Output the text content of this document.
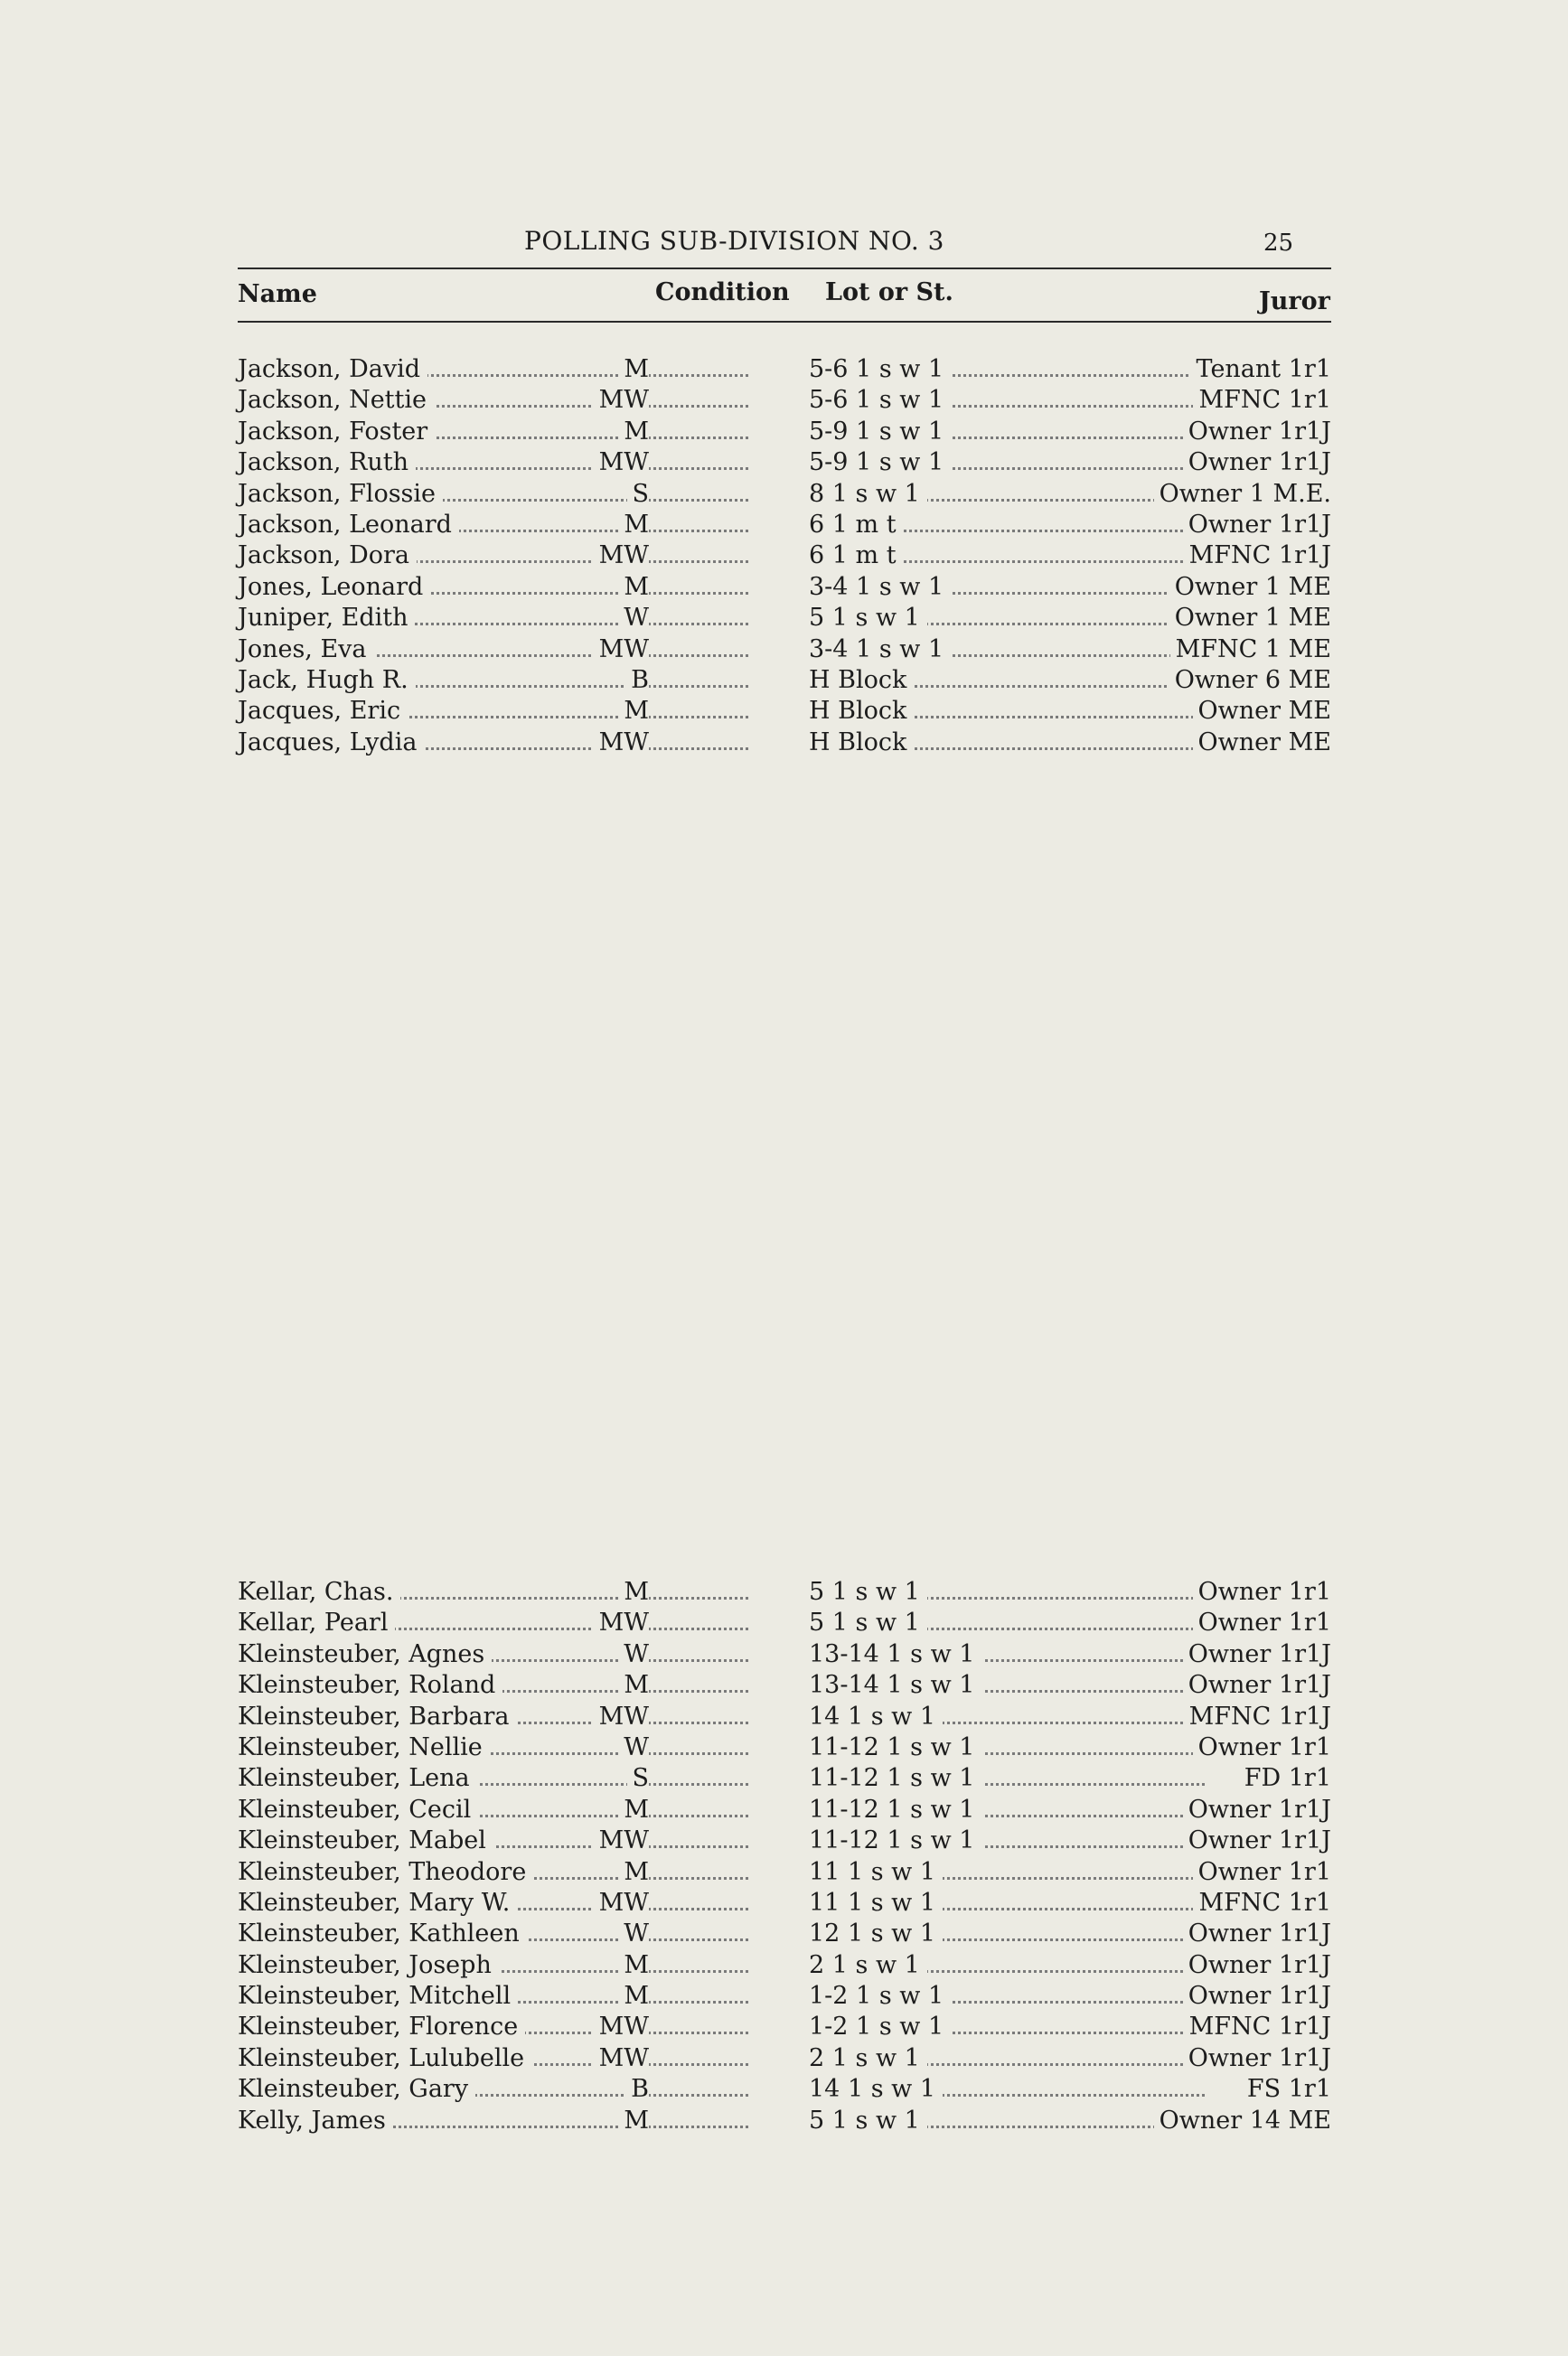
POLLING SUB-DIVISION NO. 3	25
Name	Condition Lot or St.	Juror
Jackson, David	M	5-6 1 s w 1	Tenant 1r1
Jackson, Nettie	MW	5-6 1 s w 1	MFNC 1r1
Jackson, Foster	M	5-9 1 s w 1	Owner 1r1J
Jackson, Ruth	MW	5-9 1 s w 1	Owner 1r1J
Jackson, Flossie	S	8 1 s w 1	Owner 1 M.E.
Jackson, Leonard	M	6 1 m t	Owner 1r1J
Jackson, Dora	MW	6 1 m t	MFNC 1r1J
Jones, Leonard	M	3-4 1 s w 1	Owner 1 ME
Juniper, Edith	W	5 1 s w 1	Owner 1 ME
Jones, Eva	MW	3-4 1 s w 1	MFNC 1 ME
Jack, Hugh R.	B	H Block	Owner 6 ME
Jacques, Eric	M	H Block	Owner ME
Jacques, Lydia	MW	H Block	Owner ME
Kellar, Chas.	M	5 1 s w 1	Owner 1r1
Kellar, Pearl	MW	5 1 s w 1	Owner 1r1
Kleinsteuber, Agnes	W	13-14 1 s w 1	Owner 1r1J
Kleinsteuber, Roland	M	13-14 1 s w 1	Owner 1r1J
Kleinsteuber, Barbara	MW	14 1 s w 1	MFNC 1r1J
Kleinsteuber, Nellie	W	11-12 1 s w 1	Owner 1r1
Kleinsteuber, Lena	S	11-12 1 s w 1	FD 1r1
Kleinsteuber, Cecil	M	11-12 1 s w 1	Owner 1r1J
Kleinsteuber, Mabel	MW	11-12 1 s w 1	Owner 1r1J
Kleinsteuber, Theodore	M	11 1 s w 1	Owner 1r1
Kleinsteuber, Mary W.	MW	11 1 s w 1	MFNC 1r1
Kleinsteuber, Kathleen	W	12 1 s w 1	Owner 1r1J
Kleinsteuber, Joseph	M	2 1 s w 1	Owner 1r1J
Kleinsteuber, Mitchell	M	1-2 1 s w 1	Owner 1r1J
Kleinsteuber, Florence	MW	1-2 1 s w 1	MFNC 1r1J
Kleinsteuber, Lulubelle	MW	2 1 s w 1	Owner 1r1J
Kleinsteuber, Gary	B	14 1 s w 1	FS 1r1
Kelly, James	M	5 1 s w 1	Owner 14 ME
